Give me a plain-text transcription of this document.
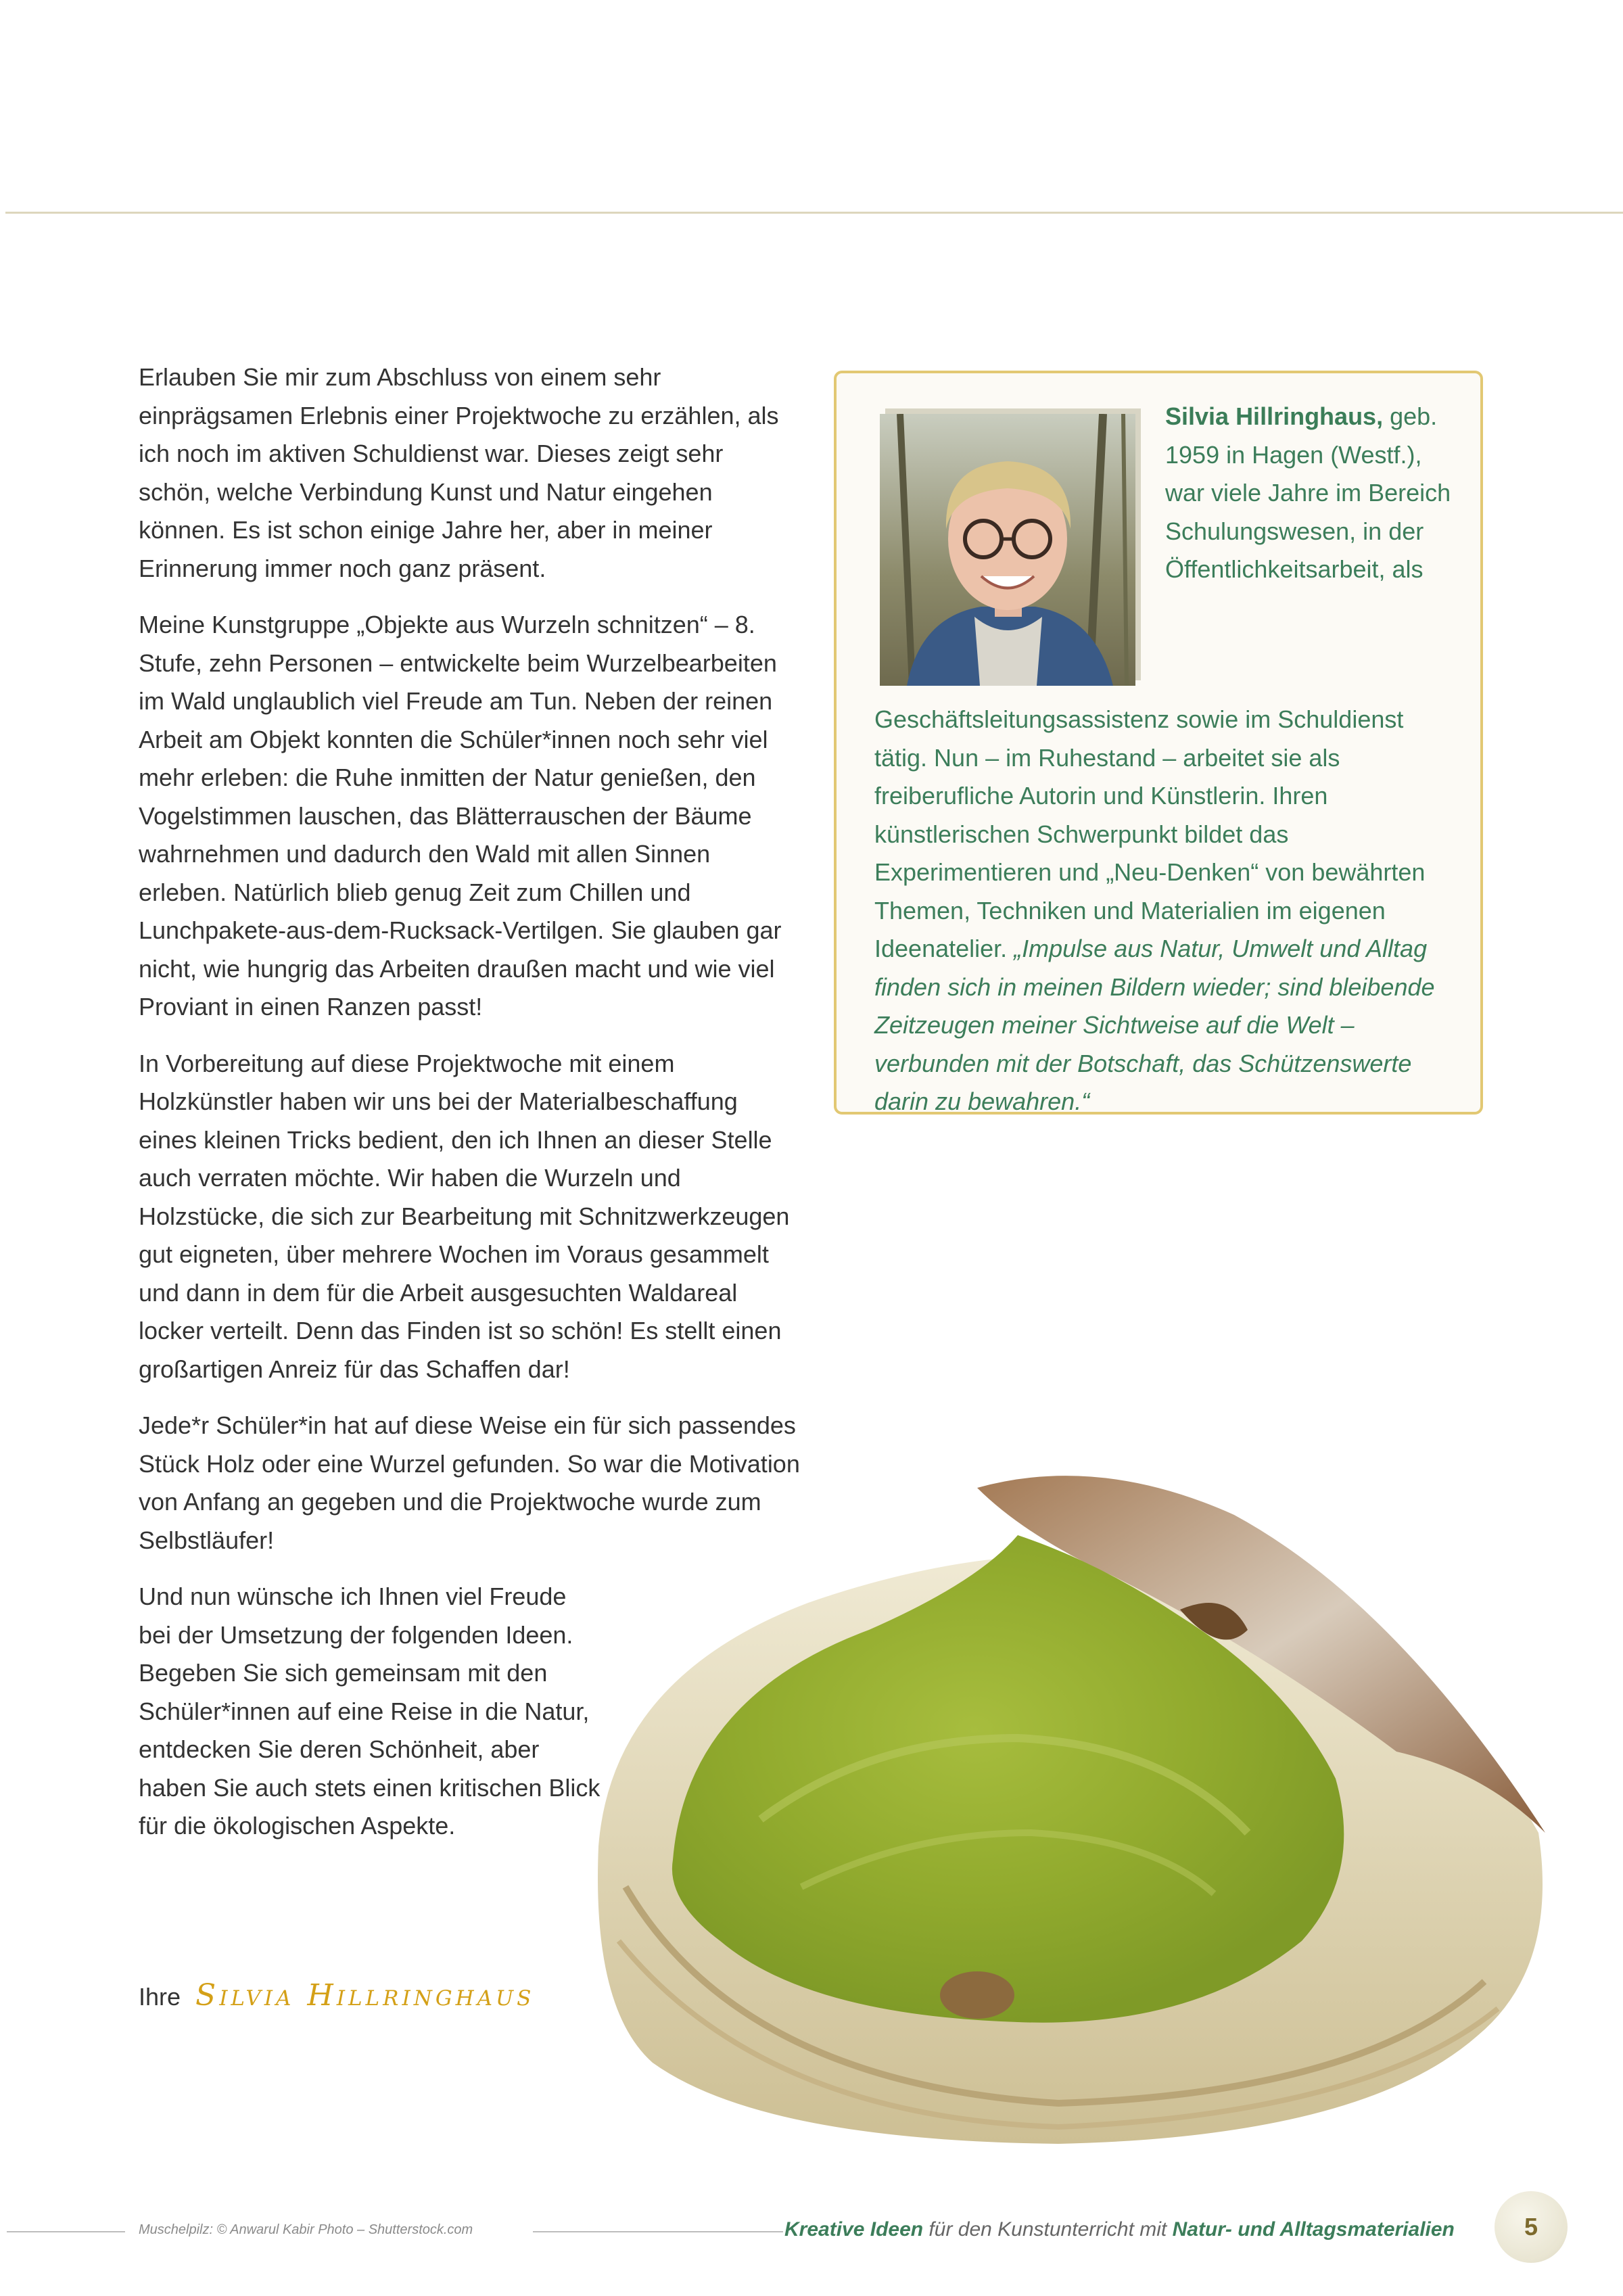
Erlauben Sie mir zum Abschluss von einem sehr einprägsamen Erlebnis einer Projektwoche zu erzählen, als ich noch im aktiven Schuldienst war. Dieses zeigt sehr schön, welche Verbindung Kunst und Natur eingehen können. Es ist schon einige Jahre her, aber in meiner Erinnerung immer noch ganz präsent.

Meine Kunstgruppe „Objekte aus Wurzeln schnitzen“ – 8. Stufe, zehn Personen – entwickelte beim Wurzelbearbeiten im Wald unglaublich viel Freude am Tun. Neben der reinen Arbeit am Objekt konnten die Schüler*innen noch sehr viel mehr erleben: die Ruhe inmitten der Natur genießen, den Vogelstimmen lauschen, das Blätterrauschen der Bäume wahrnehmen und dadurch den Wald mit allen Sinnen erleben. Natürlich blieb genug Zeit zum Chillen und Lunchpakete-aus-dem-Rucksack-Vertilgen. Sie glauben gar nicht, wie hungrig das Arbeiten draußen macht und wie viel Proviant in einen Ranzen passt!

In Vorbereitung auf diese Projektwoche mit einem Holzkünstler haben wir uns bei der Materialbeschaffung eines kleinen Tricks bedient, den ich Ihnen an dieser Stelle auch verraten möchte. Wir haben die Wurzeln und Holzstücke, die sich zur Bearbeitung mit Schnitzwerkzeugen gut eigneten, über mehrere Wochen im Voraus gesammelt und dann in dem für die Arbeit ausgesuchten Waldareal locker verteilt. Denn das Finden ist so schön! Es stellt einen großartigen Anreiz für das Schaffen dar!

Jede*r Schüler*in hat auf diese Weise ein für sich passendes Stück Holz oder eine Wurzel gefunden. So war die Motivation von Anfang an gegeben und die Projektwoche wurde zum Selbstläufer!

Und nun wünsche ich Ihnen viel Freude bei der Umsetzung der folgenden Ideen. Begeben Sie sich gemeinsam mit den Schüler*innen auf eine Reise in die Natur, entdecken Sie deren Schönheit, aber haben Sie auch stets einen kritischen Blick für die ökologischen Aspekte.

Ihre Silvia Hillringhaus
Silvia Hillringhaus, geb. 1959 in Hagen (Westf.), war viele Jahre im Bereich Schulungswesen, in der Öffentlichkeitsarbeit, als Geschäftsleitungsassistenz sowie im Schuldienst tätig. Nun – im Ruhestand – arbeitet sie als freiberufliche Autorin und Künstlerin. Ihren künstlerischen Schwerpunkt bildet das Experimentieren und „Neu-Denken“ von bewährten Themen, Techniken und Materialien im eigenen Ideenatelier. „Impulse aus Natur, Umwelt und Alltag finden sich in meinen Bildern wieder; sind bleibende Zeitzeugen meiner Sichtweise auf die Welt – verbunden mit der Botschaft, das Schützenswerte darin zu bewahren.“
Muschelpilz: © Anwarul Kabir Photo – Shutterstock.com	Kreative Ideen für den Kunstunterricht mit Natur- und Alltagsmaterialien	5
